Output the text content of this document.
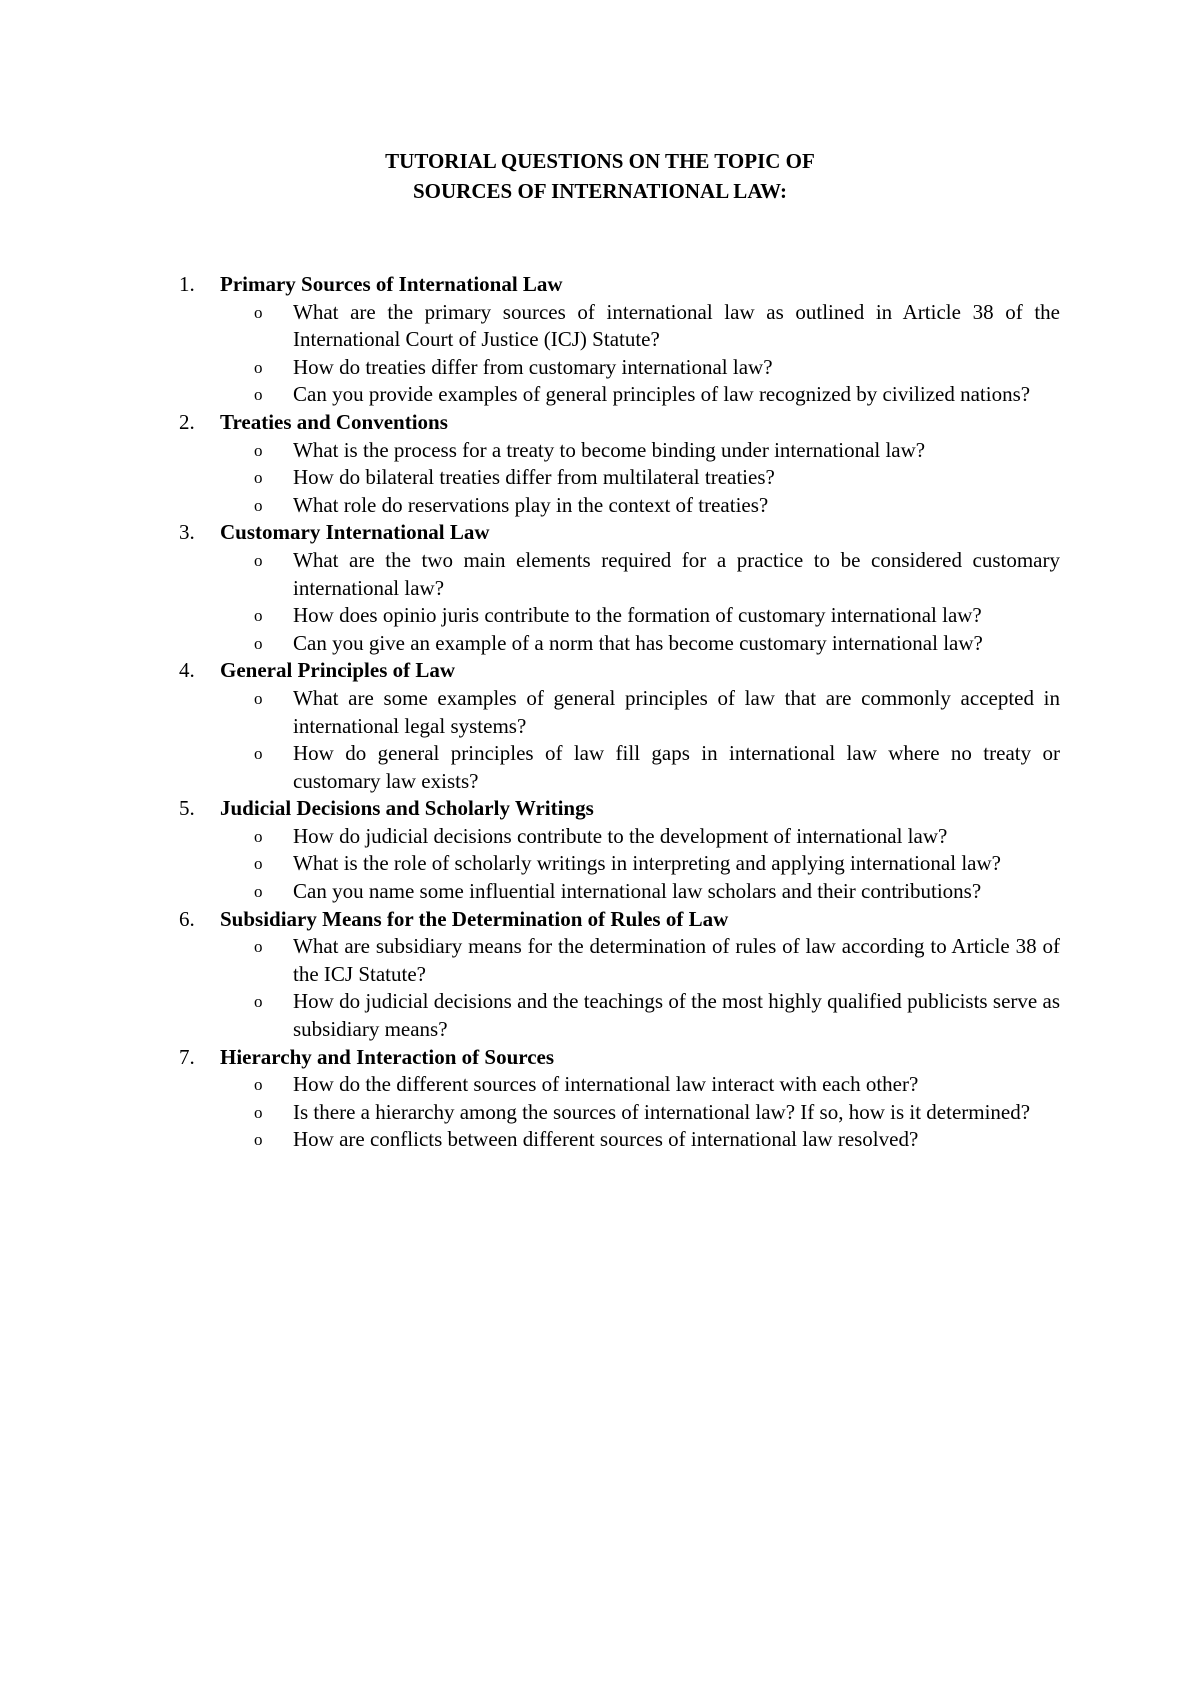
TUTORIAL QUESTIONS ON THE TOPIC OF
SOURCES OF INTERNATIONAL LAW:
1. Primary Sources of International Law
o What are the primary sources of international law as outlined in Article 38 of the International Court of Justice (ICJ) Statute?
o How do treaties differ from customary international law?
o Can you provide examples of general principles of law recognized by civilized nations?
2. Treaties and Conventions
o What is the process for a treaty to become binding under international law?
o How do bilateral treaties differ from multilateral treaties?
o What role do reservations play in the context of treaties?
3. Customary International Law
o What are the two main elements required for a practice to be considered customary international law?
o How does opinio juris contribute to the formation of customary international law?
o Can you give an example of a norm that has become customary international law?
4. General Principles of Law
o What are some examples of general principles of law that are commonly accepted in international legal systems?
o How do general principles of law fill gaps in international law where no treaty or customary law exists?
5. Judicial Decisions and Scholarly Writings
o How do judicial decisions contribute to the development of international law?
o What is the role of scholarly writings in interpreting and applying international law?
o Can you name some influential international law scholars and their contributions?
6. Subsidiary Means for the Determination of Rules of Law
o What are subsidiary means for the determination of rules of law according to Article 38 of the ICJ Statute?
o How do judicial decisions and the teachings of the most highly qualified publicists serve as subsidiary means?
7. Hierarchy and Interaction of Sources
o How do the different sources of international law interact with each other?
o Is there a hierarchy among the sources of international law? If so, how is it determined?
o How are conflicts between different sources of international law resolved?
